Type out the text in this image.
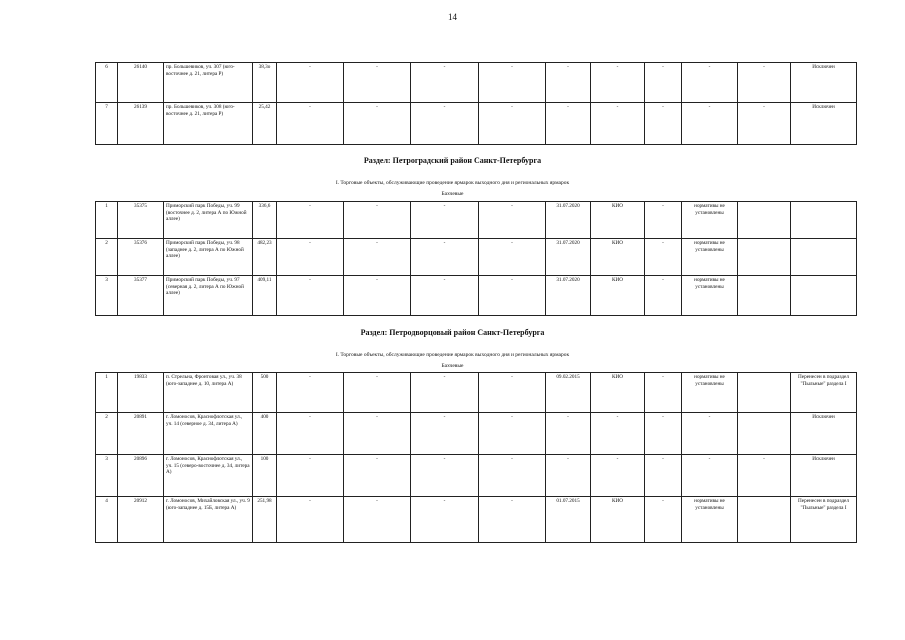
14
6	26140	пр. Большевиков, уч. 307 (юго-восточнее д. 21, литера Р)	38,3o	-	-	-	-	-	-	-	-	-	Исключен
7	26139	пр. Большевиков, уч. 308 (юго-восточнее д. 21, литера Р)	25,42	-	-	-	-	-	-	-	-	-	Исключен
Раздел: Петроградский район Санкт-Петербурга
I. Торговые объекты, обслуживающие проведение ярмарок выходного дня и региональных ярмарок
Бахчевые
1	35375	Приморский парк Победы, уч. 99 (восточнее д. 2, литера А по Южной аллее)	336,6	-	-	-	-	31.07.2020	КИО	-	нормативы не установлены		
2	35376	Приморский парк Победы, уч. 98 (западнее д. 2, литера А по Южной аллее)	482,23	-	-	-	-	31.07.2020	КИО	-	нормативы не установлены		
3	35377	Приморский парк Победы, уч. 97 (северная д. 2, литера А по Южной аллее)	409,11	-	-	-	-	31.07.2020	КИО	-	нормативы не установлены		
Раздел: Петродворцовый район Санкт-Петербурга
I. Торговые объекты, обслуживающие проведение ярмарок выходного дня и региональных ярмарок
Бахчевые
1	19833	п. Стрельна, Фронтовая ул., уч. 38 (юго-западнее д. 10, литера А)	500	-	-	-	-	09.02.2015	КИО	-	нормативы не установлены		Перенесен в подраздел "Пыльные" раздела I
2	20891	г. Ломоносов, Краснофлотская ул., уч. 14 (северное д. 34, литера А)	400	-	-	-	-	-	-	-	-		Исключен
3	20896	г. Ломоносов, Краснофлотская ул., уч. 15 (северо-восточнее д. 34, литера А)	100	-	-	-	-	-	-	-	-	-	Исключен
4	20912	г. Ломоносов, Михайловская ул., уч. 9 (юго-западнее д. 15Б, литера А)	251,98	-	-	-	-	01.07.2015	КИО	-	нормативы не установлены		Перенесен в подраздел "Пыльные" раздела I
